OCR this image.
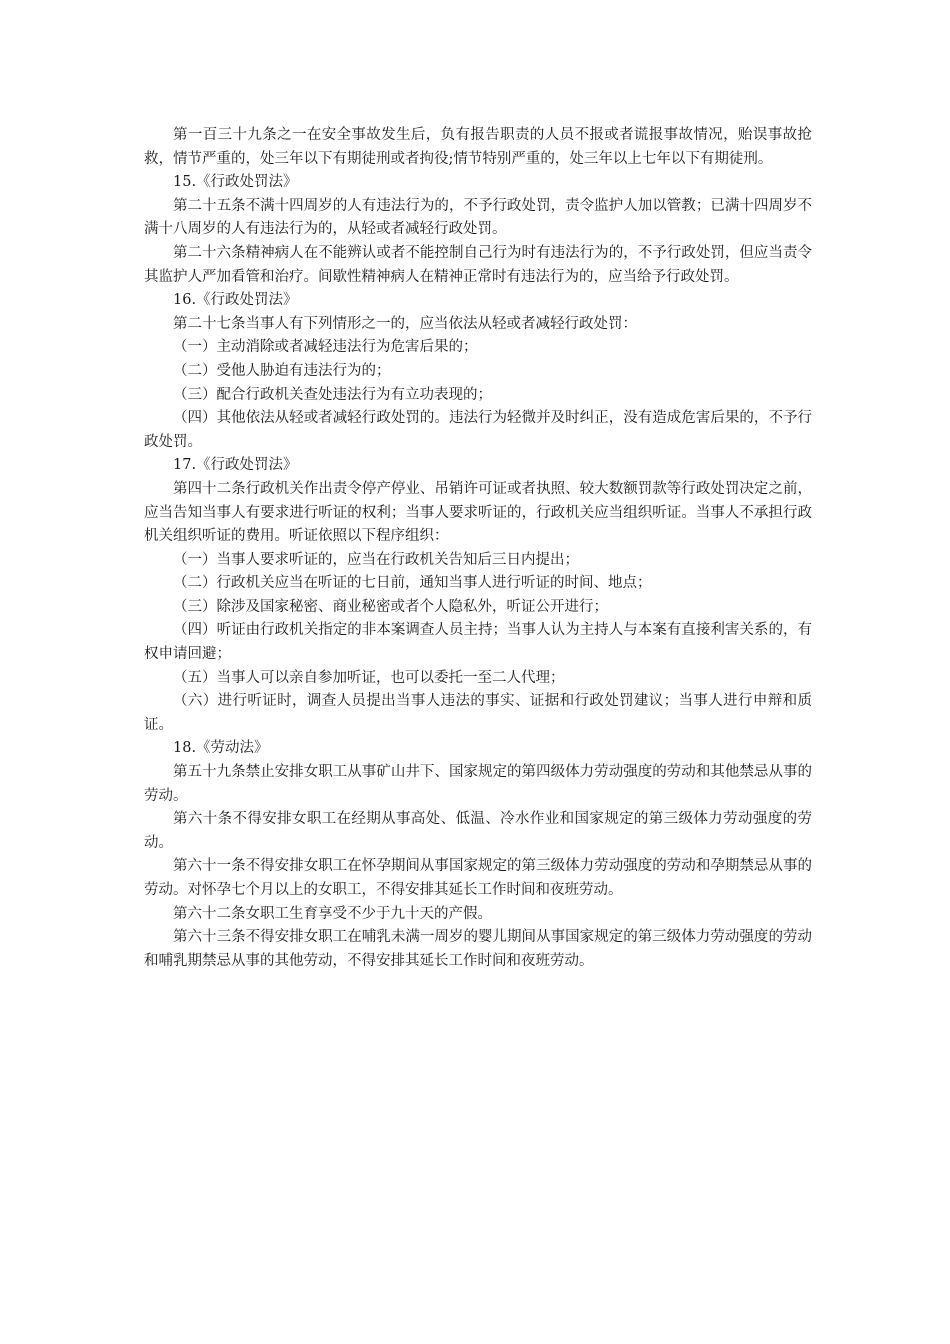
第一百三十九条之一在安全事故发生后，负有报告职责的人员不报或者谎报事故情况，贻误事故抢救，情节严重的，处三年以下有期徒刑或者拘役;情节特别严重的，处三年以上七年以下有期徒刑。

15.《行政处罚法》

第二十五条不满十四周岁的人有违法行为的，不予行政处罚，责令监护人加以管教；已满十四周岁不满十八周岁的人有违法行为的，从轻或者减轻行政处罚。

第二十六条精神病人在不能辨认或者不能控制自己行为时有违法行为的，不予行政处罚，但应当责令其监护人严加看管和治疗。间歇性精神病人在精神正常时有违法行为的，应当给予行政处罚。

16.《行政处罚法》

第二十七条当事人有下列情形之一的，应当依法从轻或者减轻行政处罚：

（一）主动消除或者减轻违法行为危害后果的；

（二）受他人胁迫有违法行为的；

（三）配合行政机关查处违法行为有立功表现的；

（四）其他依法从轻或者减轻行政处罚的。违法行为轻微并及时纠正，没有造成危害后果的，不予行政处罚。

17.《行政处罚法》

第四十二条行政机关作出责令停产停业、吊销许可证或者执照、较大数额罚款等行政处罚决定之前，应当告知当事人有要求进行听证的权利；当事人要求听证的，行政机关应当组织听证。当事人不承担行政机关组织听证的费用。听证依照以下程序组织：

（一）当事人要求听证的，应当在行政机关告知后三日内提出；

（二）行政机关应当在听证的七日前，通知当事人进行听证的时间、地点；

（三）除涉及国家秘密、商业秘密或者个人隐私外，听证公开进行；

（四）听证由行政机关指定的非本案调查人员主持；当事人认为主持人与本案有直接利害关系的，有权申请回避；

（五）当事人可以亲自参加听证，也可以委托一至二人代理；

（六）进行听证时，调查人员提出当事人违法的事实、证据和行政处罚建议；当事人进行申辩和质证。

18.《劳动法》

第五十九条禁止安排女职工从事矿山井下、国家规定的第四级体力劳动强度的劳动和其他禁忌从事的劳动。

第六十条不得安排女职工在经期从事高处、低温、冷水作业和国家规定的第三级体力劳动强度的劳动。

第六十一条不得安排女职工在怀孕期间从事国家规定的第三级体力劳动强度的劳动和孕期禁忌从事的劳动。对怀孕七个月以上的女职工，不得安排其延长工作时间和夜班劳动。

第六十二条女职工生育享受不少于九十天的产假。

第六十三条不得安排女职工在哺乳未满一周岁的婴儿期间从事国家规定的第三级体力劳动强度的劳动和哺乳期禁忌从事的其他劳动，不得安排其延长工作时间和夜班劳动。
